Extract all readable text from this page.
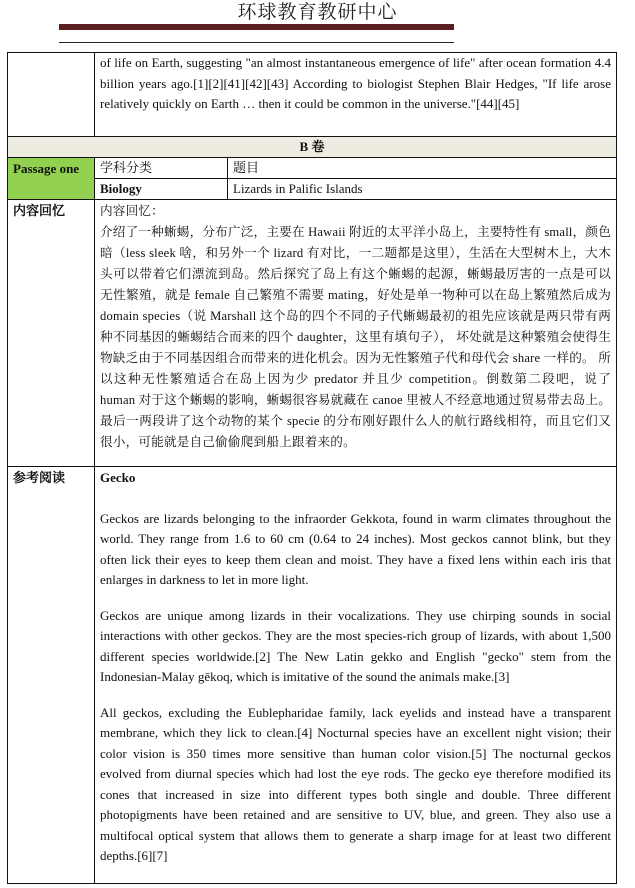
环球教育教研中心
	of life on Earth, suggesting "an almost instantaneous emergence of life" after ocean formation 4.4 billion years ago.[1][2][41][42][43] According to biologist Stephen Blair Hedges, "If life arose relatively quickly on Earth … then it could be common in the universe."[44][45]	
B 卷		
Passage one	学科分类	题目
	Biology	Lizards in Palific Islands
内容回忆	内容回忆：

介绍了一种蜥蜴，分布广泛，主要在 Hawaii 附近的太平洋小岛上，主要特性有 small，颜色暗（less sleek 啥，和另外一个 lizard 有对比，一二题都是这里），生活在大型树木上，大木头可以带着它们漂流到岛。然后探究了岛上有这个蜥蜴的起源，蜥蜴最厉害的一点是可以无性繁殖，就是 female 自己繁殖不需要 mating，好处是单一物种可以在岛上繁殖然后成为 domain species（说 Marshall 这个岛的四个不同的子代蜥蜴最初的祖先应该就是两只带有两种不同基因的蜥蜴结合而来的四个 daughter，这里有填句子）， 坏处就是这种繁殖会使得生物缺乏由于不同基因组合而带来的进化机会。因为无性繁殖子代和母代会 share 一样的。 所以这种无性繁殖适合在岛上因为少 predator 并且少 competition。倒数第二段吧，说了 human 对于这个蜥蜴的影响，蜥蜴很容易就藏在 canoe 里被人不经意地通过贸易带去岛上。最后一两段讲了这个动物的某个 specie 的分布刚好跟什么人的航行路线相符，而且它们又很小，可能就是自己偷偷爬到船上跟着来的。	

参考阅读	Gecko

Geckos are lizards belonging to the infraorder Gekkota, found in warm climates throughout the world. They range from 1.6 to 60 cm (0.64 to 24 inches). Most geckos cannot blink, but they often lick their eyes to keep them clean and moist. They have a fixed lens within each iris that enlarges in darkness to let in more light.

Geckos are unique among lizards in their vocalizations. They use chirping sounds in social interactions with other geckos. They are the most species-rich group of lizards, with about 1,500 different species worldwide.[2] The New Latin gekko and English "gecko" stem from the Indonesian-Malay gēkoq, which is imitative of the sound the animals make.[3]

All geckos, excluding the Eublepharidae family, lack eyelids and instead have a transparent membrane, which they lick to clean.[4] Nocturnal species have an excellent night vision; their color vision is 350 times more sensitive than human color vision.[5] The nocturnal geckos evolved from diurnal species which had lost the eye rods. The gecko eye therefore modified its cones that increased in size into different types both single and double. Three different photopigments have been retained and are sensitive to UV, blue, and green. They also use a multifocal optical system that allows them to generate a sharp image for at least two different depths.[6][7]	
